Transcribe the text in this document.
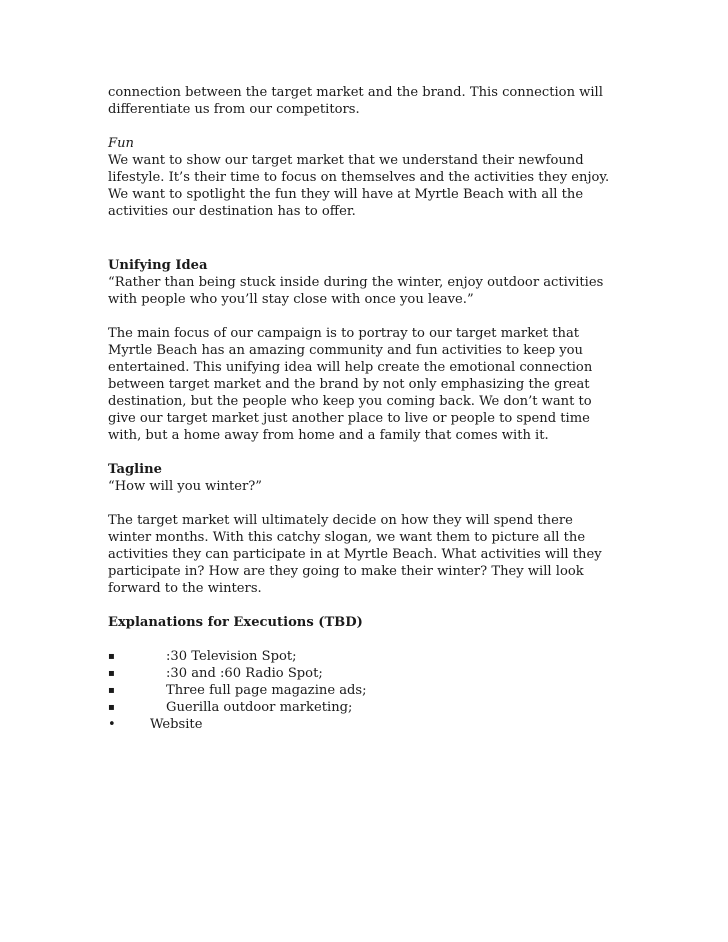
connection between the target market and the brand. This connection will differentiate us from our competitors.

Fun

We want to show our target market that we understand their newfound lifestyle. It’s their time to focus on themselves and the activities they enjoy. We want to spotlight the fun they will have at Myrtle Beach with all the activities our destination has to offer.

Unifying Idea

“Rather than being stuck inside during the winter, enjoy outdoor activities with people who you’ll stay close with once you leave.”

The main focus of our campaign is to portray to our target market that Myrtle Beach has an amazing community and fun activities to keep you entertained. This unifying idea will help create the emotional connection between target market and the brand by not only emphasizing the great destination, but the people who keep you coming back. We don’t want to give our target market just another place to live or people to spend time with, but a home away from home and a family that comes with it.

Tagline

“How will you winter?”

The target market will ultimately decide on how they will spend there winter months. With this catchy slogan, we want them to picture all the activities they can participate in at Myrtle Beach. What activities will they participate in? How are they going to make their winter? They will look forward to the winters.

Explanations for Executions (TBD)

▪	:30 Television Spot;
▪	:30 and :60 Radio Spot;
▪	Three full page magazine ads;
▪	Guerilla outdoor marketing;
•	Website
